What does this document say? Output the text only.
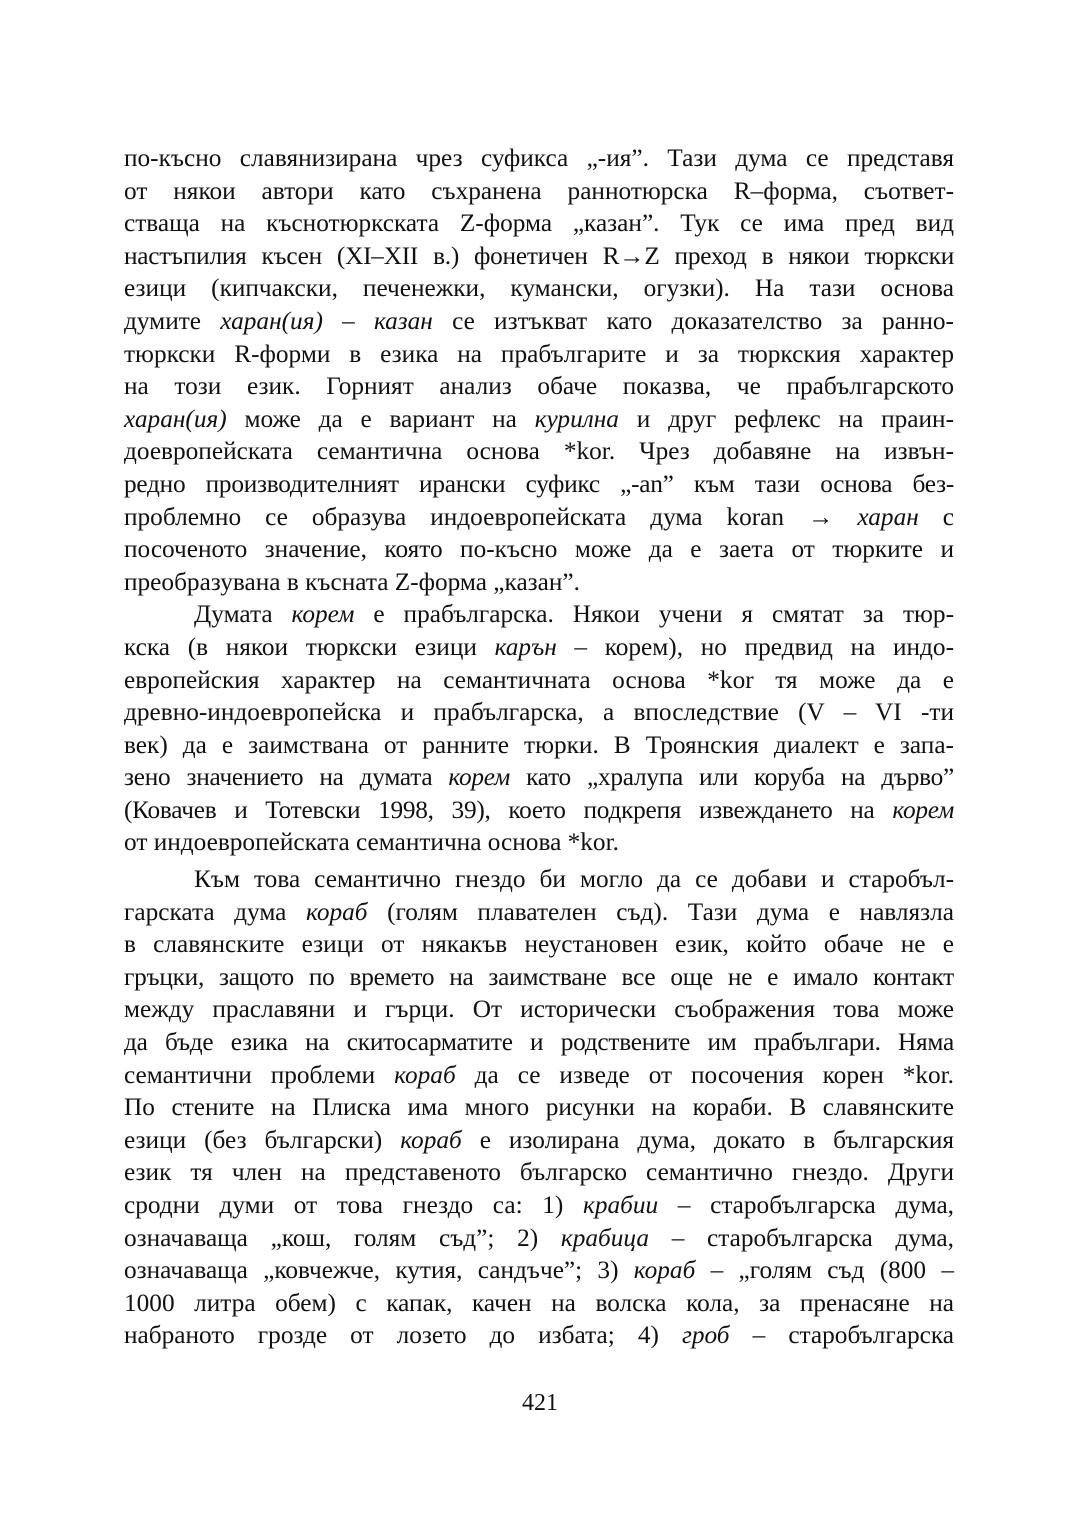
по-късно славянизирана чрез суфикса „-ия”. Тази дума се представя
от някои автори като съхранена раннотюрска R–форма, съответ-
стваща на къснотюркската Z-форма „казан”. Тук се има пред вид
настъпилия късен (XI–XII в.) фонетичен R→Z преход в някои тюркски
езици (кипчакски, печенежки, кумански, огузки). На тази основа
думите харан(ия) – казан се изтъкват като доказателство за ранно-
тюркски R-форми в езика на прабългарите и за тюркския характер
на този език. Горният анализ обаче показва, че прабългарското
харан(ия) може да е вариант на курилна и друг рефлекс на праин-
доевропейската семантична основа *kor. Чрез добавяне на извън-
редно производителният ирански суфикс „-an” към тази основа без-
проблемно се образува индоевропейската дума koran → харан с
посоченото значение, която по-късно може да е заета от тюрките и
преобразувана в късната Z-форма „казан”.
Думата корем е прабългарска. Някои учени я смятат за тюр-
кска (в някои тюркски езици карън – корем), но предвид на индо-
европейския характер на семантичната основа *kor тя може да е
древно-индоевропейска и прабългарска, а впоследствие (V – VI -ти
век) да е заимствана от ранните тюрки. В Троянския диалект е запа-
зено значението на думата корем като „хралупа или коруба на дърво”
(Ковачев и Тотевски 1998, 39), което подкрепя извеждането на корем
от индоевропейската семантична основа *kor.
Към това семантично гнездо би могло да се добави и старобъл-
гарската дума кораб (голям плавателен съд). Тази дума е навлязла
в славянските езици от някакъв неустановен език, който обаче не е
гръцки, защото по времето на заимстване все още не е имало контакт
между праславяни и гърци. От исторически съображения това може
да бъде езика на скитосарматите и родствените им прабългари. Няма
семантични проблеми кораб да се изведе от посочения корен *kor.
По стените на Плиска има много рисунки на кораби. В славянските
езици (без български) кораб е изолирана дума, докато в българския
език тя член на представеното българско семантично гнездо. Други
сродни думи от това гнездо са: 1) крабии – старобългарска дума,
означаваща „кош, голям съд”; 2) крабица – старобългарска дума,
означаваща „ковчежче, кутия, сандъче”; 3) кораб – „голям съд (800 –
1000 литра обем) с капак, качен на волска кола, за пренасяне на
набраното грозде от лозето до избата; 4) гроб – старобългарска
421
